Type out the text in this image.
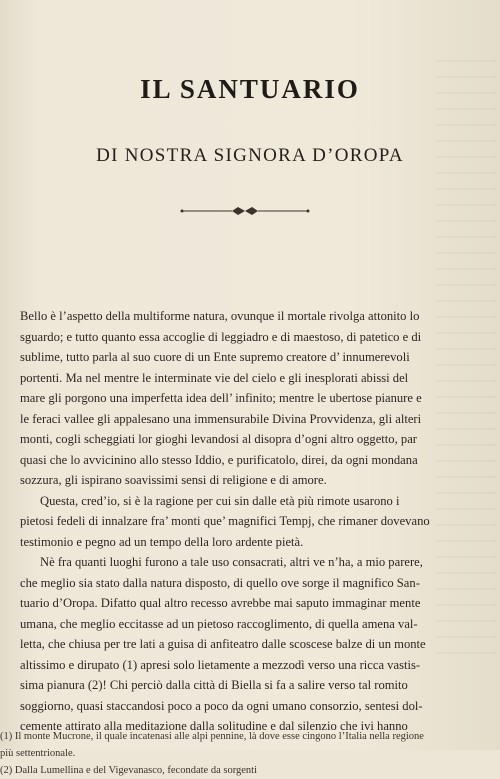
IL SANTUARIO
DI NOSTRA SIGNORA D’OROPA

Bello è l’aspetto della multiforme natura, ovunque il mortale rivolga attonito lo
sguardo; e tutto quanto essa accoglie di leggiadro e di maestoso, di patetico e di
sublime, tutto parla al suo cuore di un Ente supremo creatore d’ innumerevoli
portenti. Ma nel mentre le interminate vie del cielo e gli inesplorati abissi del
mare gli porgono una imperfetta idea dell’ infinito; mentre le ubertose pianure e
le feraci vallee gli appalesano una immensurabile Divina Provvidenza, gli alteri
monti, cogli scheggiati lor gioghi levandosi al disopra d’ogni altro oggetto, par
quasi che lo avvicinino allo stesso Iddio, e purificatolo, direi, da ogni mondana
sozzura, gli ispirano soavissimi sensi di religione e di amore.

Questa, cred’io, si è la ragione per cui sin dalle età più rimote usarono i
pietosi fedeli di innalzare fra’ monti que’ magnifici Tempj, che rimaner dovevano
testimonio e pegno ad un tempo della loro ardente pietà.

Nè fra quanti luoghi furono a tale uso consacrati, altri ve n’ha, a mio parere,
che meglio sia stato dalla natura disposto, di quello ove sorge il magnifico San-
tuario d’Oropa. Difatto qual altro recesso avrebbe mai saputo immaginar mente
umana, che meglio eccitasse ad un pietoso raccoglimento, di quella amena val-
letta, che chiusa per tre lati a guisa di anfiteatro dalle scoscese balze di un monte
altissimo e dirupato (1) apresi solo lietamente a mezzodì verso una ricca vastis-
sima pianura (2)! Chi perciò dalla città di Biella si fa a salire verso tal romito
soggiorno, quasi staccandosi poco a poco da ogni umano consorzio, sentesi dol-
cemente attirato alla meditazione dalla solitudine e dal silenzio che ivi hanno

(1) Il monte Mucrone, il quale incatenasi alle alpi pennine, là dove esse cingono l’Italia nella regione
più settentrionale.
(2) Dalla Lumellina e del Vigevanasco, fecondate da sorgenti
